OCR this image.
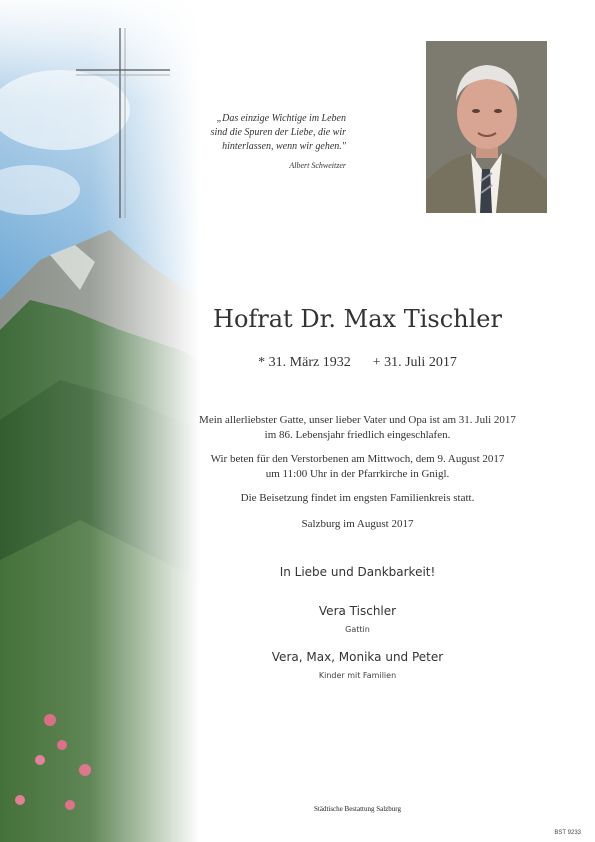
„Das einzige Wichtige im Leben
sind die Spuren der Liebe, die wir
hinterlassen, wenn wir gehen."
Albert Schweitzer
Hofrat Dr. Max Tischler
* 31. März 1932 + 31. Juli 2017
Mein allerliebster Gatte, unser lieber Vater und Opa ist am 31. Juli 2017
im 86. Lebensjahr friedlich eingeschlafen.
Wir beten für den Verstorbenen am Mittwoch, dem 9. August 2017
um 11:00 Uhr in der Pfarrkirche in Gnigl.
Die Beisetzung findet im engsten Familienkreis statt.
Salzburg im August 2017
In Liebe und Dankbarkeit!
Vera Tischler
Gattin
Vera, Max, Monika und Peter
Kinder mit Familien
Städtische Bestattung Salzburg
BST 9233
